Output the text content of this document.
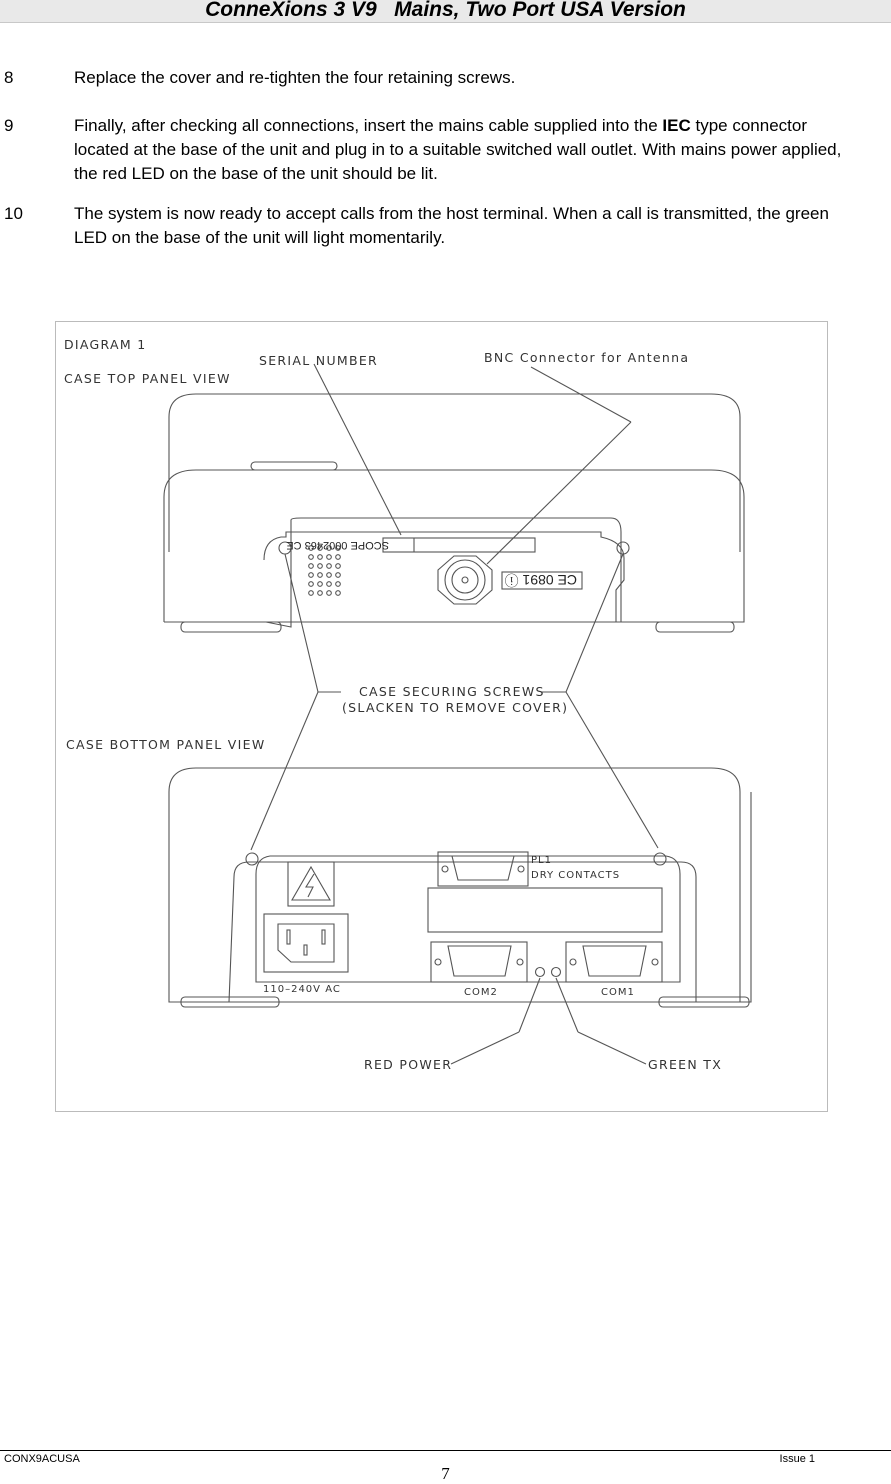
ConneXions 3 V9   Mains, Two Port USA Version
8	Replace the cover and re-tighten the four retaining screws.
9	Finally, after checking all connections, insert the mains cable supplied into the IEC type connector located at the base of the unit and plug in to a suitable switched wall outlet. With mains power applied, the red LED on the base of the unit should be lit.
10	The system is now ready to accept calls from the host terminal. When a call is transmitted, the green LED on the base of the unit will light momentarily.
DIAGRAM 1
CASE TOP PANEL VIEW
SERIAL NUMBER	BNC Connector for Antenna
SCOPE 0002463 CE
CE 0891 ⓘ
CASE SECURING SCREWS
(SLACKEN TO REMOVE COVER)
CASE BOTTOM PANEL VIEW
PL1
DRY CONTACTS
110–240V AC	COM2	COM1
RED POWER	GREEN TX
CONX9ACUSA	Issue 1
7
